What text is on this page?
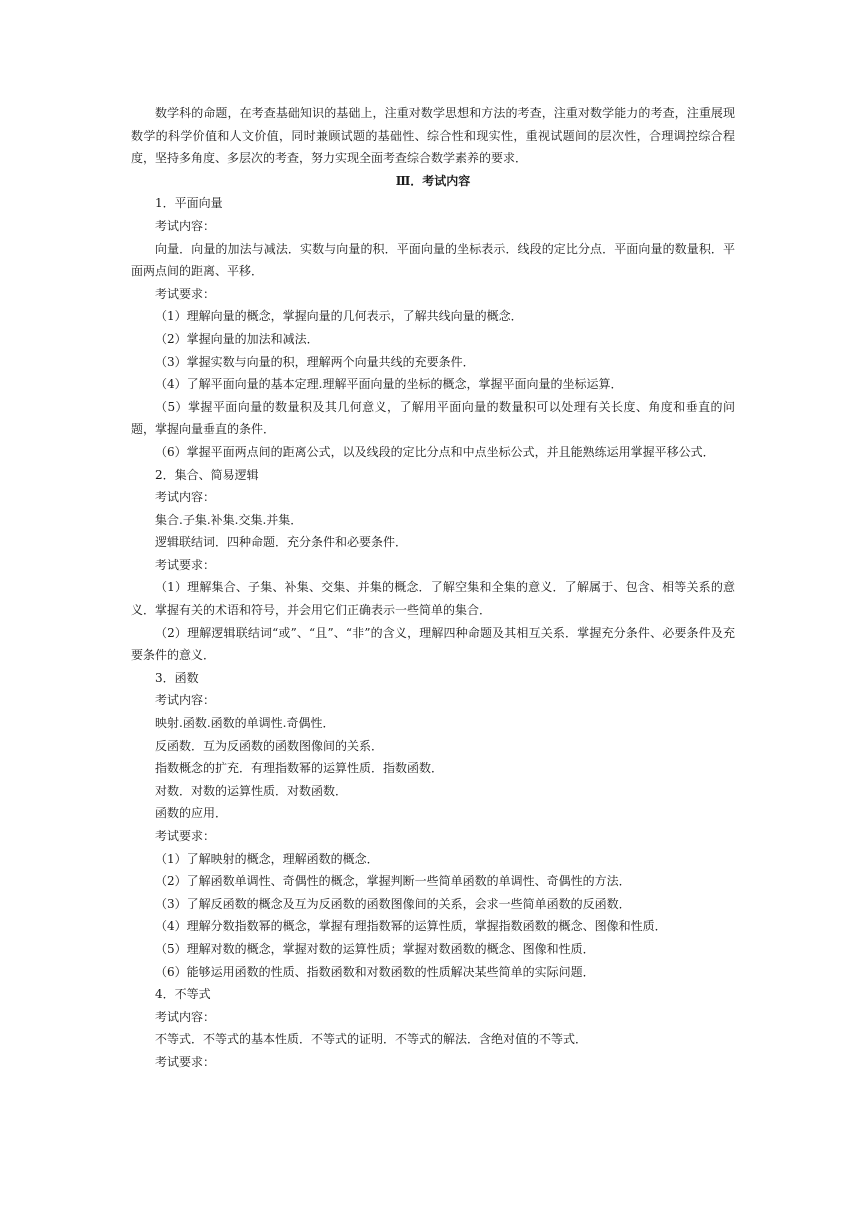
数学科的命题，在考查基础知识的基础上，注重对数学思想和方法的考查，注重对数学能力的考查，注重展现数学的科学价值和人文价值，同时兼顾试题的基础性、综合性和现实性，重视试题间的层次性，合理调控综合程度，坚持多角度、多层次的考查，努力实现全面考查综合数学素养的要求．
Ⅲ．考试内容
1．平面向量
考试内容：
向量．向量的加法与减法．实数与向量的积．平面向量的坐标表示．线段的定比分点．平面向量的数量积．平面两点间的距离、平移．
考试要求：
（1）理解向量的概念，掌握向量的几何表示，了解共线向量的概念．
（2）掌握向量的加法和减法．
（3）掌握实数与向量的积，理解两个向量共线的充要条件．
（4）了解平面向量的基本定理.理解平面向量的坐标的概念，掌握平面向量的坐标运算．
（5）掌握平面向量的数量积及其几何意义，了解用平面向量的数量积可以处理有关长度、角度和垂直的问题，掌握向量垂直的条件．
（6）掌握平面两点间的距离公式，以及线段的定比分点和中点坐标公式，并且能熟练运用掌握平移公式．
2．集合、简易逻辑
考试内容：
集合.子集.补集.交集.并集．
逻辑联结词．四种命题．充分条件和必要条件．
考试要求：
（1）理解集合、子集、补集、交集、并集的概念．了解空集和全集的意义．了解属于、包含、相等关系的意义．掌握有关的术语和符号，并会用它们正确表示一些简单的集合．
（2）理解逻辑联结词“或”、“且”、“非”的含义，理解四种命题及其相互关系．掌握充分条件、必要条件及充要条件的意义．
3．函数
考试内容：
映射.函数.函数的单调性.奇偶性．
反函数．互为反函数的函数图像间的关系．
指数概念的扩充．有理指数幂的运算性质．指数函数．
对数．对数的运算性质．对数函数．
函数的应用．
考试要求：
（1）了解映射的概念，理解函数的概念．
（2）了解函数单调性、奇偶性的概念，掌握判断一些简单函数的单调性、奇偶性的方法．
（3）了解反函数的概念及互为反函数的函数图像间的关系，会求一些简单函数的反函数．
（4）理解分数指数幂的概念，掌握有理指数幂的运算性质，掌握指数函数的概念、图像和性质．
（5）理解对数的概念，掌握对数的运算性质；掌握对数函数的概念、图像和性质．
（6）能够运用函数的性质、指数函数和对数函数的性质解决某些简单的实际问题．
4．不等式
考试内容：
不等式．不等式的基本性质．不等式的证明．不等式的解法．含绝对值的不等式．
考试要求：
